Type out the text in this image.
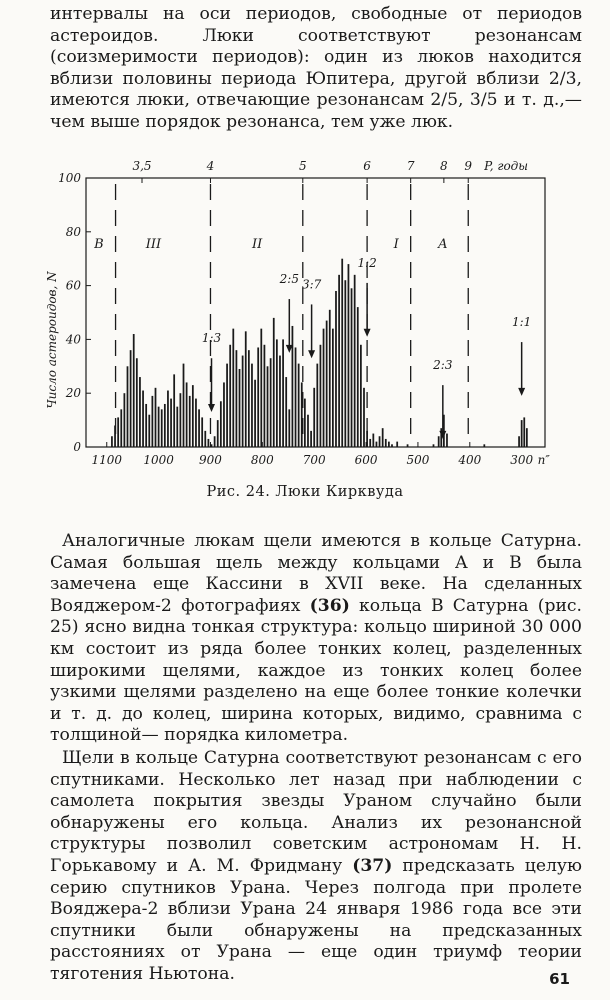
интервалы на оси периодов, свободные от периодов астероидов. Люки соответствуют резонансам (соизмеримости периодов): один из люков находится вблизи половины периода Юпитера, другой вблизи 2/3, имеются люки, отвечающие резонансам 2/5, 3/5 и т. д.,— чем выше порядок резонанса, тем уже люк.

0
20
40
60
80
100
1100 1000 900 800 700 600 500 400 300 n″
3,5	4	5	6	7 8 9 P, годы
B	III	II	I	A
1:3
2:5 3:7
1:2
2:3
1:1
Число астероидов, N
Рис. 24. Люки Кирквуда

Аналогичные люкам щели имеются в кольце Сатурна. Самая большая щель между кольцами A и B была замечена еще Кассини в XVII веке. На сделанных Вояджером-2 фотографиях (36) кольца B Сатурна (рис. 25) ясно видна тонкая структура: кольцо шириной 30 000 км состоит из ряда более тонких колец, разделенных широкими щелями, каждое из тонких колец более узкими щелями разделено на еще более тонкие колечки и т. д. до колец, ширина которых, видимо, сравнима с толщиной— порядка километра.

Щели в кольце Сатурна соответствуют резонансам с его спутниками. Несколько лет назад при наблюдении с самолета покрытия звезды Ураном случайно были обнаружены его кольца. Анализ их резонансной структуры позволил советским астрономам Н. Н. Горькавому и А. М. Фридману (37) предсказать целую серию спутников Урана. Через полгода при пролете Вояджера-2 вблизи Урана 24 января 1986 года все эти спутники были обнаружены на предсказанных расстояниях от Урана — еще один триумф теории тяготения Ньютона.	61
